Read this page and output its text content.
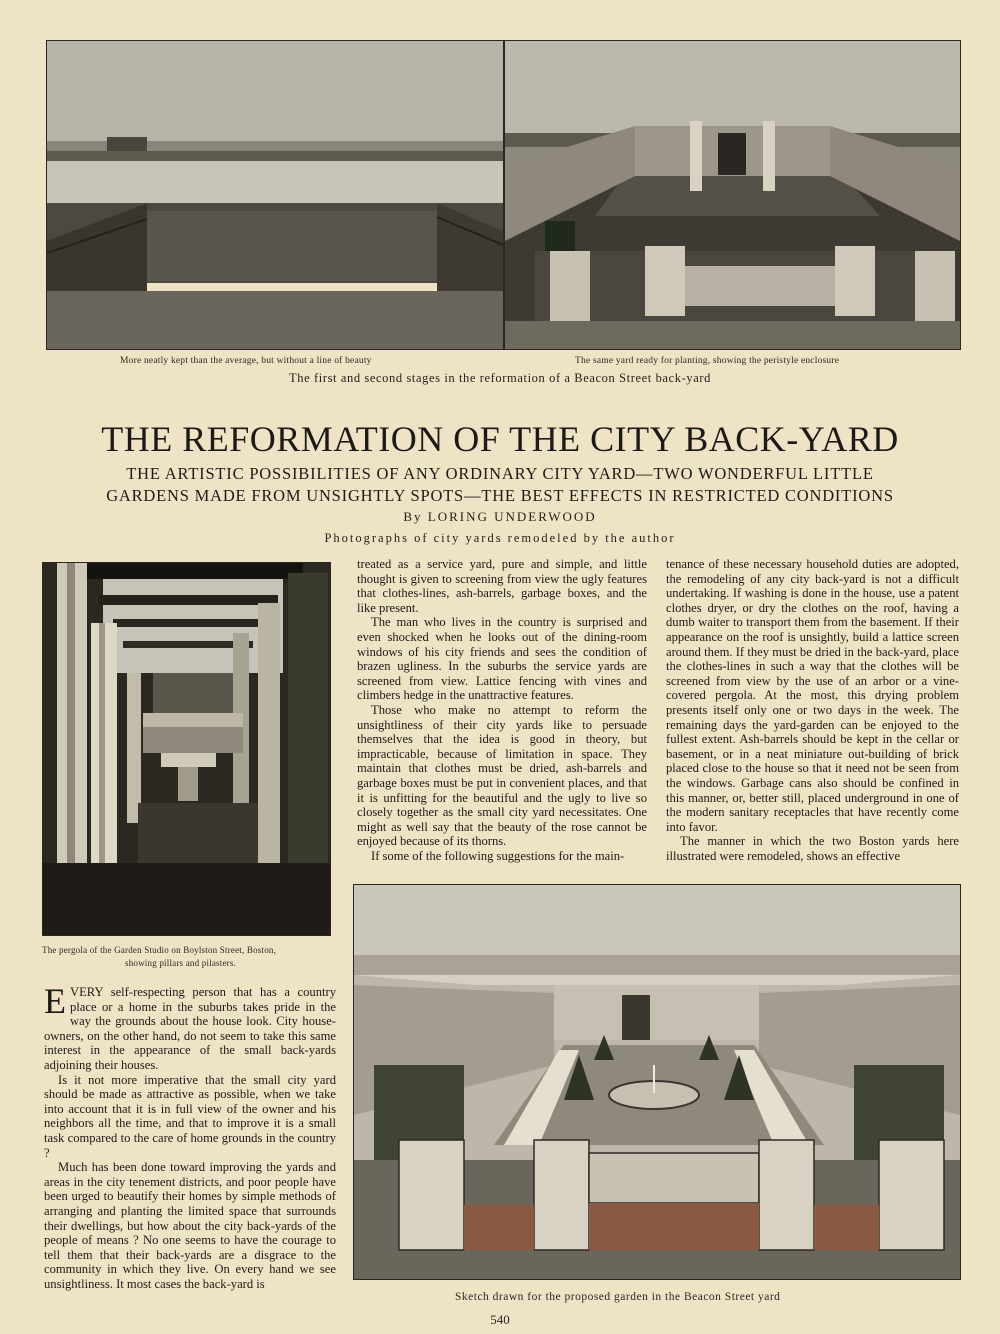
More neatly kept than the average, but without a line of beauty	The same yard ready for planting, showing the peristyle enclosure
The first and second stages in the reformation of a Beacon Street back-yard
THE REFORMATION OF THE CITY BACK-YARD
THE ARTISTIC POSSIBILITIES OF ANY ORDINARY CITY YARD—TWO WONDERFUL LITTLE
GARDENS MADE FROM UNSIGHTLY SPOTS—THE BEST EFFECTS IN RESTRICTED CONDITIONS
By LORING UNDERWOOD
Photographs of city yards remodeled by the author
The pergola of the Garden Studio on Boylston Street, Boston,
showing pillars and pilasters.

EVERY self-respecting person that has a country place or a home in the suburbs takes pride in the way the grounds about the house look. City house-owners, on the other hand, do not seem to take this same interest in the appearance of the small back-yards adjoining their houses.

Is it not more imperative that the small city yard should be made as attractive as possible, when we take into account that it is in full view of the owner and his neighbors all the time, and that to improve it is a small task compared to the care of home grounds in the country ?

Much has been done toward improving the yards and areas in the city tenement districts, and poor people have been urged to beautify their homes by simple methods of arranging and planting the limited space that surrounds their dwellings, but how about the city back-yards of the people of means ? No one seems to have the courage to tell them that their back-yards are a disgrace to the community in which they live. On every hand we see unsightliness. It most cases the back-yard is

treated as a service yard, pure and simple, and little thought is given to screening from view the ugly features that clothes-lines, ash-barrels, garbage boxes, and the like present.

The man who lives in the country is surprised and even shocked when he looks out of the dining-room windows of his city friends and sees the condition of brazen ugliness. In the suburbs the service yards are screened from view. Lattice fencing with vines and climbers hedge in the unattractive features.

Those who make no attempt to reform the unsightliness of their city yards like to persuade themselves that the idea is good in theory, but impracticable, because of limitation in space. They maintain that clothes must be dried, ash-barrels and garbage boxes must be put in convenient places, and that it is unfitting for the beautiful and the ugly to live so closely together as the small city yard necessitates. One might as well say that the beauty of the rose cannot be enjoyed because of its thorns.

If some of the following suggestions for the main-

tenance of these necessary household duties are adopted, the remodeling of any city back-yard is not a difficult undertaking. If washing is done in the house, use a patent clothes dryer, or dry the clothes on the roof, having a dumb waiter to transport them from the basement. If their appearance on the roof is unsightly, build a lattice screen around them. If they must be dried in the back-yard, place the clothes-lines in such a way that the clothes will be screened from view by the use of an arbor or a vine-covered pergola. At the most, this drying problem presents itself only one or two days in the week. The remaining days the yard-garden can be enjoyed to the fullest extent. Ash-barrels should be kept in the cellar or basement, or in a neat miniature out-building of brick placed close to the house so that it need not be seen from the windows. Garbage cans also should be confined in this manner, or, better still, placed underground in one of the modern sanitary receptacles that have recently come into favor.

The manner in which the two Boston yards here illustrated were remodeled, shows an effective

Sketch drawn for the proposed garden in the Beacon Street yard
540
